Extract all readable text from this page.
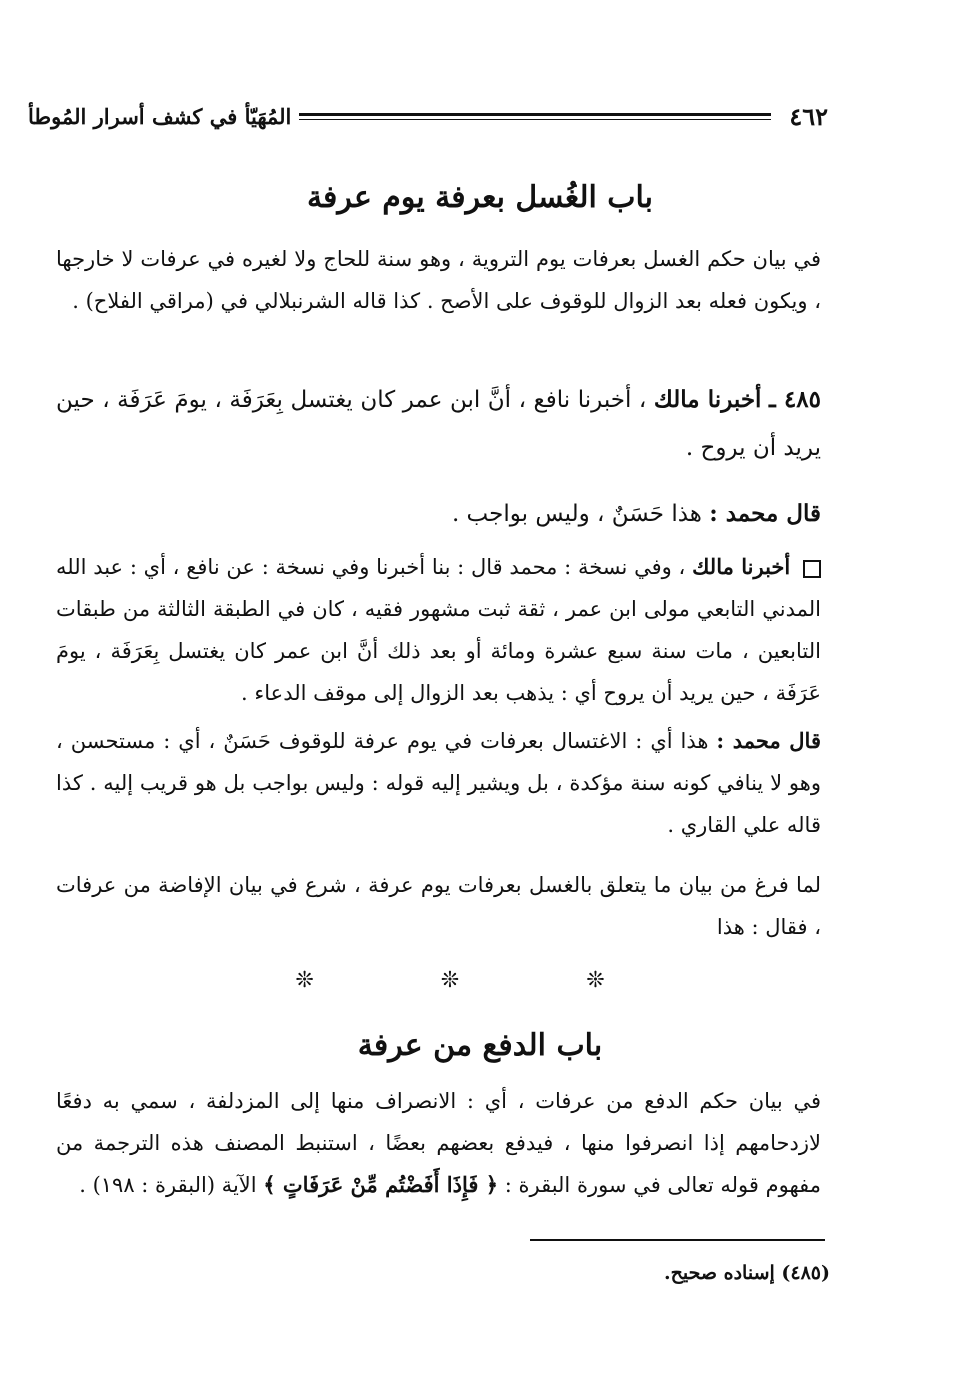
٤٦٢
المُهَيّأ في كشف أسرار المُوطأ
باب الغُسل بعرفة يوم عرفة
في بيان حكم الغسل بعرفات يوم التروية ، وهو سنة للحاج ولا لغيره في عرفات لا خارجها ، ويكون فعله بعد الزوال للوقوف على الأصح . كذا قاله الشرنبلالي في (مراقي الفلاح) .
٤٨٥ ـ أخبرنا مالك ، أخبرنا نافع ، أنَّ ابن عمر كان يغتسل بِعَرَفَة ، يومَ عَرَفَة ، حين يريد أن يروح .
قال محمد : هذا حَسَنٌ ، وليس بواجب .
أخبرنا مالك ، وفي نسخة : محمد قال : بنا أخبرنا وفي نسخة : عن نافع ، أي : عبد الله المدني التابعي مولى ابن عمر ، ثقة ثبت مشهور فقيه ، كان في الطبقة الثالثة من طبقات التابعين ، مات سنة سبع عشرة ومائة أو بعد ذلك أنَّ ابن عمر كان يغتسل بِعَرَفَة ، يومَ عَرَفَة ، حين يريد أن يروح أي : يذهب بعد الزوال إلى موقف الدعاء .
قال محمد : هذا أي : الاغتسال بعرفات في يوم عرفة للوقوف حَسَنٌ ، أي : مستحسن ، وهو لا ينافي كونه سنة مؤكدة ، بل ويشير إليه قوله : وليس بواجب بل هو قريب إليه . كذا قاله علي القاري .
لما فرغ من بيان ما يتعلق بالغسل بعرفات يوم عرفة ، شرع في بيان الإفاضة من عرفات ، فقال : هذا
❊ ❊ ❊
باب الدفع من عرفة
في بيان حكم الدفع من عرفات ، أي : الانصراف منها إلى المزدلفة ، سمي به دفعًا لازدحامهم إذا انصرفوا منها ، فيدفع بعضهم بعضًا ، استنبط المصنف هذه الترجمة من مفهوم قوله تعالى في سورة البقرة : ﴿ فَإِذَا أَفَضْتُم مِّنْ عَرَفَاتٍ ﴾ الآية (البقرة : ١٩٨) .
(٤٨٥) إسناده صحيح.
